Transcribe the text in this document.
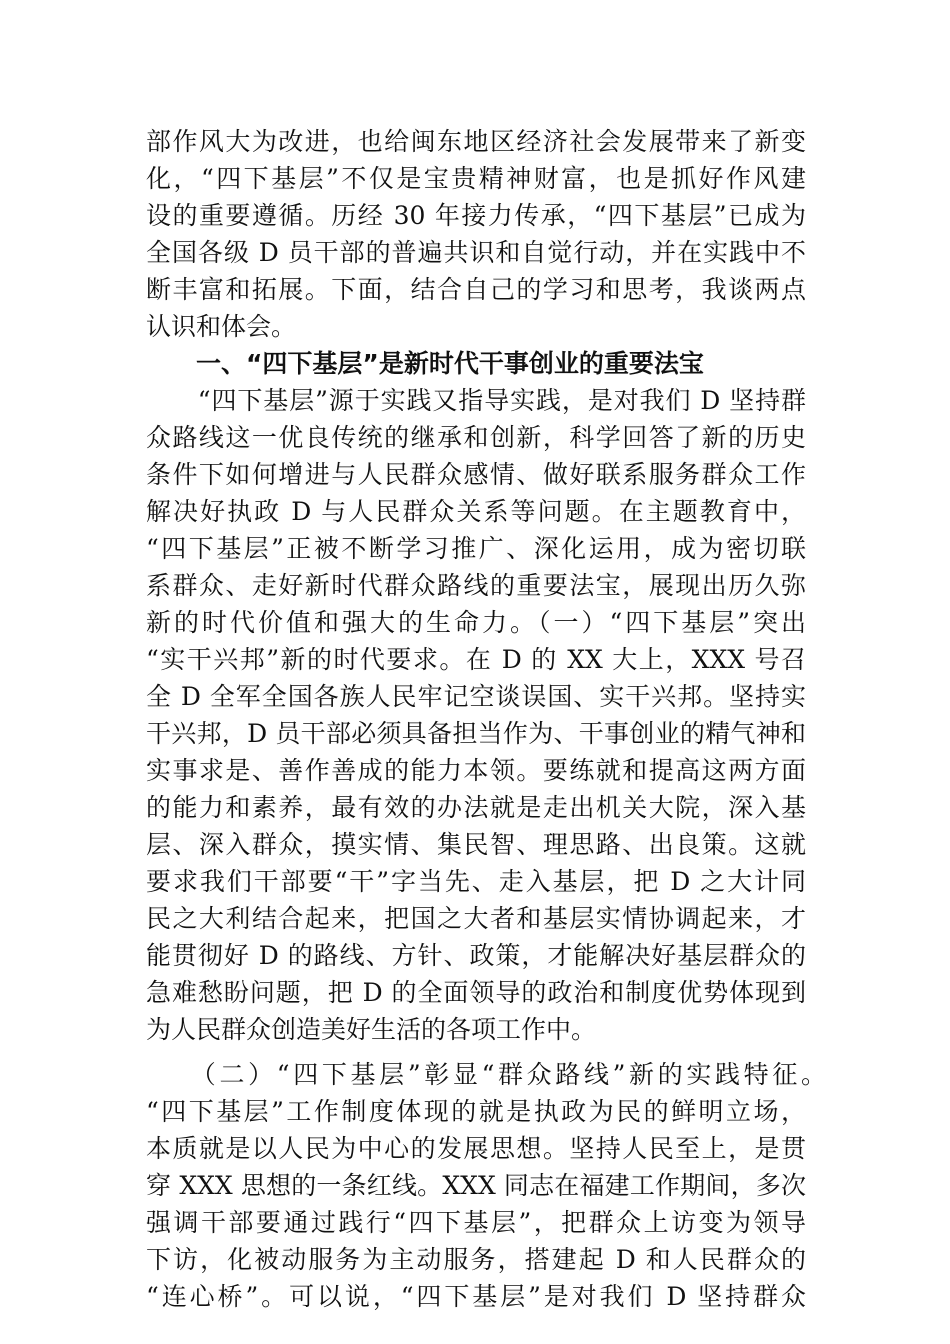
部作风大为改进，也给闽东地区经济社会发展带来了新变
化，“四下基层”不仅是宝贵精神财富，也是抓好作风建
设的重要遵循。历经 30 年接力传承，“四下基层”已成为
全国各级 D 员干部的普遍共识和自觉行动，并在实践中不
断丰富和拓展。下面，结合自己的学习和思考，我谈两点
认识和体会。
一、“四下基层”是新时代干事创业的重要法宝
　　“四下基层”源于实践又指导实践，是对我们 D 坚持群
众路线这一优良传统的继承和创新，科学回答了新的历史
条件下如何增进与人民群众感情、做好联系服务群众工作
解决好执政 D 与人民群众关系等问题。在主题教育中，
“四下基层”正被不断学习推广、深化运用，成为密切联
系群众、走好新时代群众路线的重要法宝，展现出历久弥
新的时代价值和强大的生命力。（一）“四下基层”突出
“实干兴邦”新的时代要求。在 D 的 XX 大上，XXX 号召
全 D 全军全国各族人民牢记空谈误国、实干兴邦。坚持实
干兴邦，D 员干部必须具备担当作为、干事创业的精气神和
实事求是、善作善成的能力本领。要练就和提高这两方面
的能力和素养，最有效的办法就是走出机关大院，深入基
层、深入群众，摸实情、集民智、理思路、出良策。这就
要求我们干部要“干”字当先、走入基层，把 D 之大计同
民之大利结合起来，把国之大者和基层实情协调起来，才
能贯彻好 D 的路线、方针、政策，才能解决好基层群众的
急难愁盼问题，把 D 的全面领导的政治和制度优势体现到
为人民群众创造美好生活的各项工作中。
　　（二）“四下基层”彰显“群众路线”新的实践特征。
“四下基层”工作制度体现的就是执政为民的鲜明立场，
本质就是以人民为中心的发展思想。坚持人民至上，是贯
穿 XXX 思想的一条红线。XXX 同志在福建工作期间，多次
强调干部要通过践行“四下基层”，把群众上访变为领导
下访，化被动服务为主动服务，搭建起 D 和人民群众的
“连心桥”。可以说，“四下基层”是对我们 D 坚持群众
